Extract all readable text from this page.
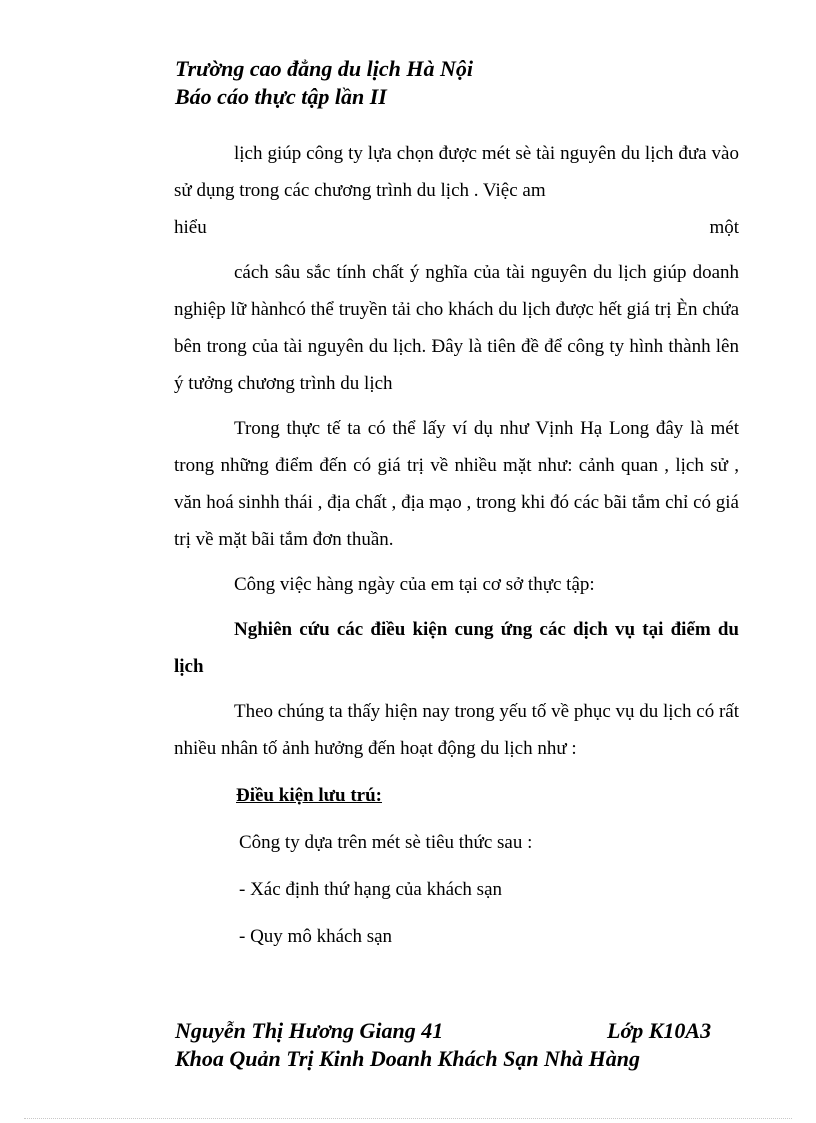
Trường cao đẳng du lịch Hà Nội
Báo cáo thực tập lần II

lịch giúp công ty lựa chọn được mét sè tài nguyên du lịch đưa vào sử dụng trong các chương trình du lịch . Việc am

hiểu	một

cách sâu sắc tính chất ý nghĩa của tài nguyên du lịch giúp doanh nghiệp lữ hànhcó thể truyền tải cho khách du lịch được hết giá trị Èn chứa bên trong của tài nguyên du lịch. Đây là tiên đề để công ty hình thành lên ý tưởng chương trình du lịch

Trong thực tế ta có thể lấy ví dụ như Vịnh Hạ Long đây là mét trong những điểm đến có giá trị về nhiều mặt như: cảnh quan , lịch sử , văn hoá sinhh thái , địa chất , địa mạo , trong khi đó các bãi tắm chỉ có giá trị về mặt bãi tắm đơn thuần.

Công việc hàng ngày của em tại cơ sở thực tập:

Nghiên cứu các điều kiện cung ứng các dịch vụ tại điểm du lịch

Theo chúng ta thấy hiện nay trong yếu tố về phục vụ du lịch có rất nhiều nhân tố ảnh hưởng đến hoạt động du lịch như :

Điều kiện lưu trú:

Công ty dựa trên mét sè tiêu thức sau :

- Xác định thứ hạng của khách sạn

- Quy mô khách sạn

Nguyễn Thị Hương Giang 41	Lớp K10A3
Khoa Quản Trị Kinh Doanh Khách Sạn Nhà Hàng
